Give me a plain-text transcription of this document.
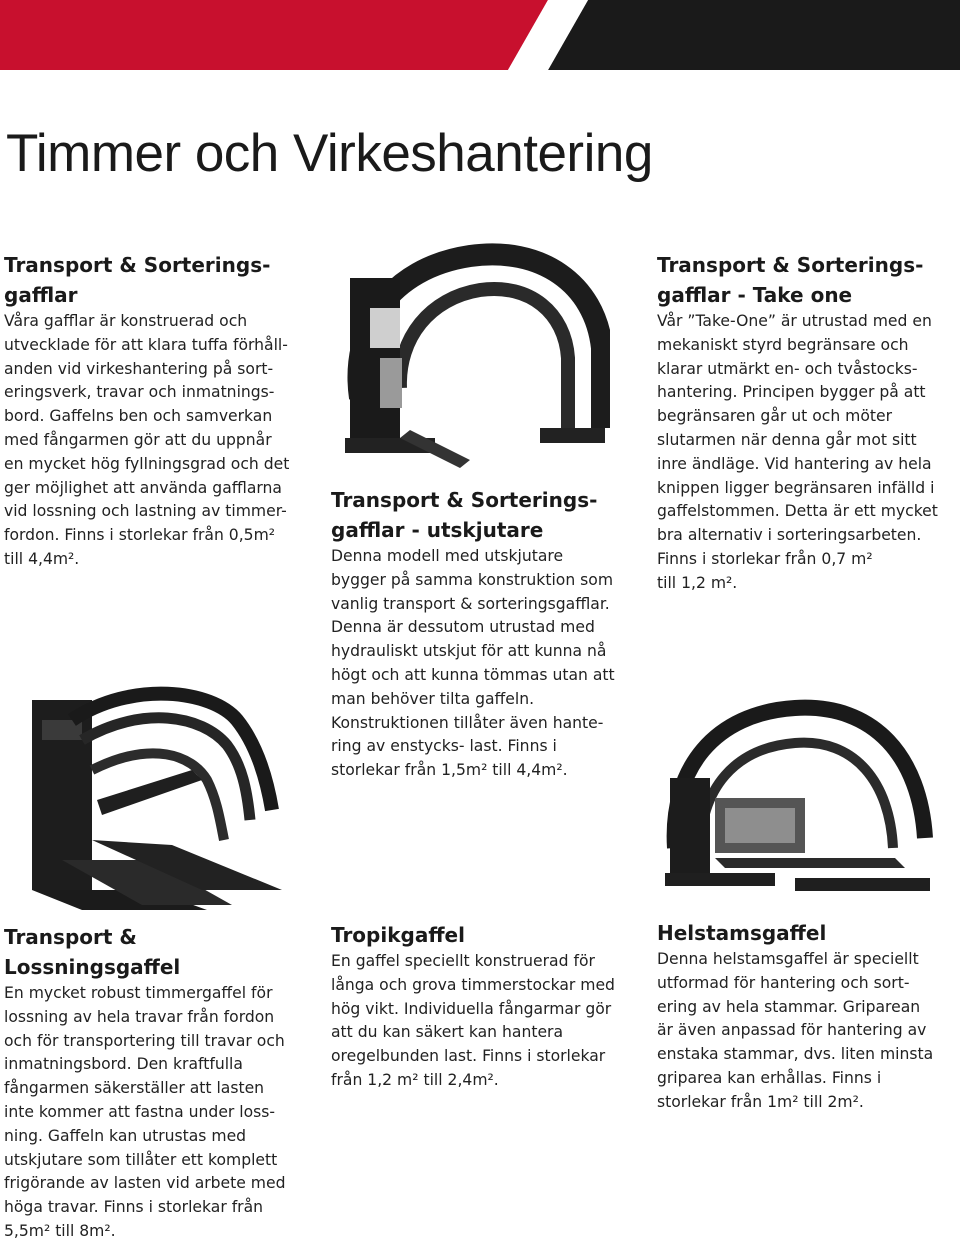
Timmer och Virkeshantering
Transport & Sorterings-
gafflar

Våra gafflar är konstruerad och
utvecklade för att klara tuffa förhåll-
anden vid virkeshantering på sort-
eringsverk, travar och inmatnings-
bord. Gaffelns ben och samverkan
med fångarmen gör att du uppnår
en mycket hög fyllningsgrad och det
ger möjlighet att använda gafflarna
vid lossning och lastning av timmer-
fordon. Finns i storlekar från 0,5m²
till 4,4m².

Transport & Sorterings-
gafflar - utskjutare

Denna modell med utskjutare
bygger på samma konstruktion som
vanlig transport & sorteringsgafflar.
Denna är dessutom utrustad med
hydrauliskt utskjut för att kunna nå
högt och att kunna tömmas utan att
man behöver tilta gaffeln.
Konstruktionen tillåter även hante-
ring av enstycks- last. Finns i
storlekar från 1,5m² till 4,4m².

Transport & Sorterings-
gafflar - Take one

Vår ”Take-One” är utrustad med en
mekaniskt styrd begränsare och
klarar utmärkt en- och tvåstocks-
hantering. Principen bygger på att
begränsaren går ut och möter
slutarmen när denna går mot sitt
inre ändläge. Vid hantering av hela
knippen ligger begränsaren infälld i
gaffelstommen. Detta är ett mycket
bra alternativ i sorteringsarbeten.
Finns i storlekar från 0,7 m²
till 1,2 m².

Transport &
Lossningsgaffel

En mycket robust timmergaffel för
lossning av hela travar från fordon
och för transportering till travar och
inmatningsbord. Den kraftfulla
fångarmen säkerställer att lasten
inte kommer att fastna under loss-
ning. Gaffeln kan utrustas med
utskjutare som tillåter ett komplett
frigörande av lasten vid arbete med
höga travar. Finns i storlekar från
5,5m² till 8m².

Tropikgaffel

En gaffel speciellt konstruerad för
långa och grova timmerstockar med
hög vikt. Individuella fångarmar gör
att du kan säkert kan hantera
oregelbunden last. Finns i storlekar
från 1,2 m² till 2,4m².

Helstamsgaffel

Denna helstamsgaffel är speciellt
utformad för hantering och sort-
ering av hela stammar. Griparean
är även anpassad för hantering av
enstaka stammar, dvs. liten minsta
griparea kan erhållas. Finns i
storlekar från 1m² till 2m².
